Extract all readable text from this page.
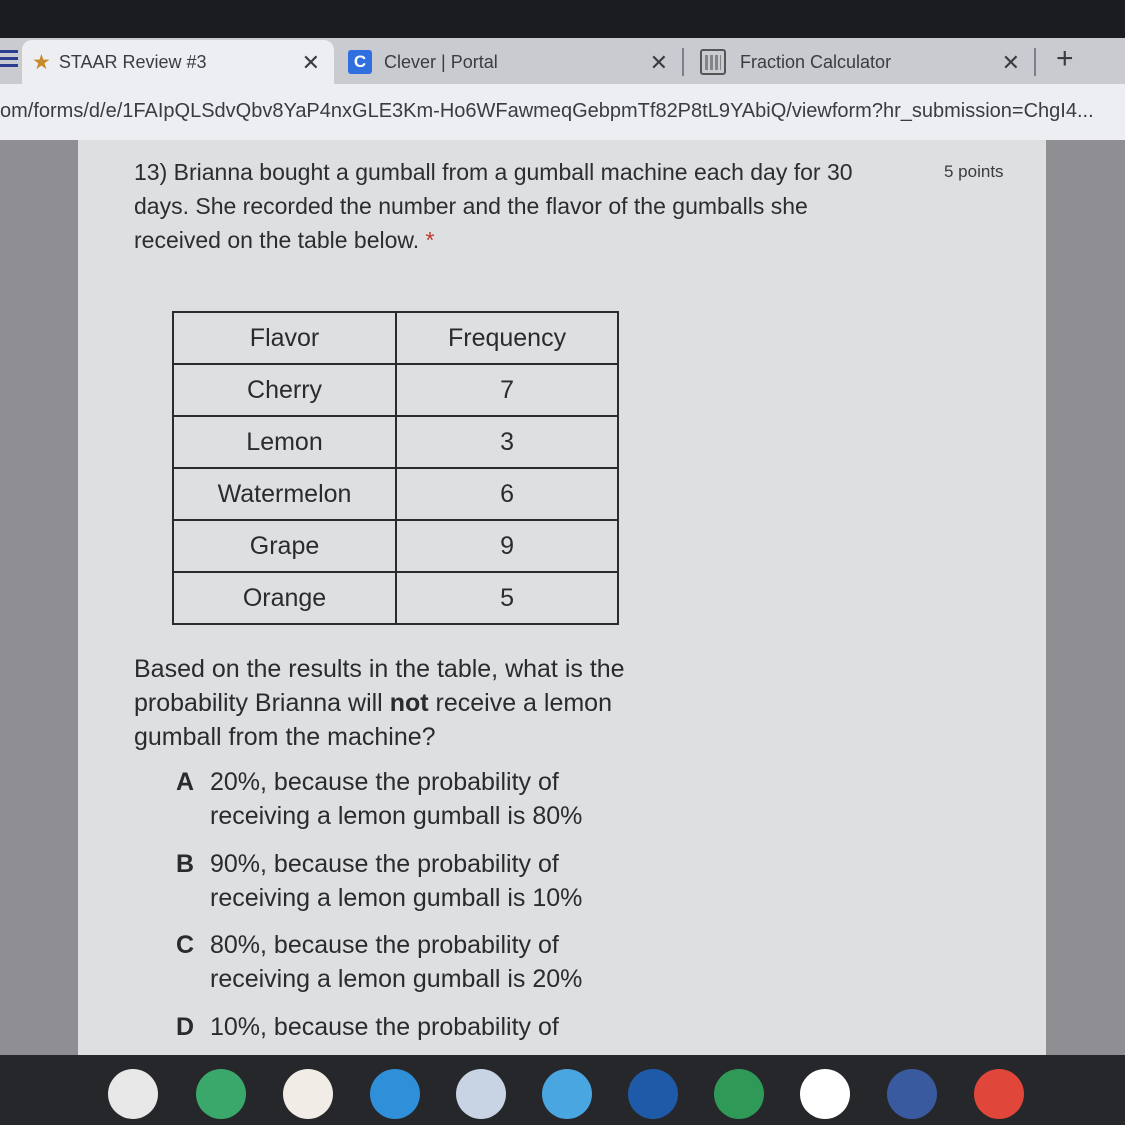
★ STAAR Review #3	✕	C Clever | Portal	✕	Fraction Calculator	✕ +
om/forms/d/e/1FAIpQLSdvQbv8YaP4nxGLE3Km-Ho6WFawmeqGebpmTf82P8tL9YAbiQ/viewform?hr_submission=ChgI4...
13) Brianna bought a gumball from a gumball machine each day for 30 days. She recorded the number and the flavor of the gumballs she received on the table below. *
5 points
Flavor	Frequency
Cherry	7
Lemon	3
Watermelon	6
Grape	9
Orange	5
Based on the results in the table, what is the probability Brianna will not receive a lemon gumball from the machine?
A 20%, because the probability of receiving a lemon gumball is 80%
B 90%, because the probability of receiving a lemon gumball is 10%
C 80%, because the probability of receiving a lemon gumball is 20%
D 10%, because the probability of
